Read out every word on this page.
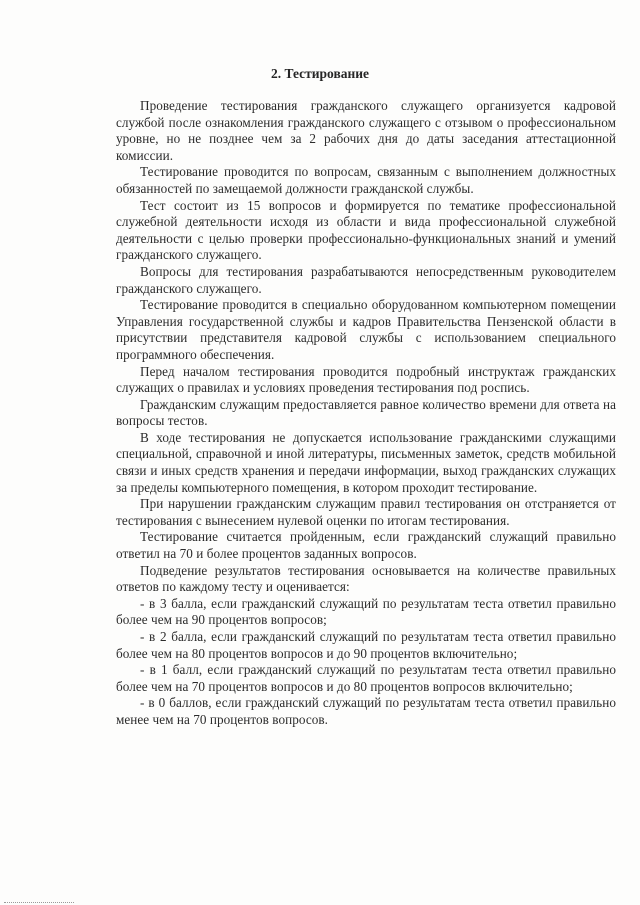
2. Тестирование

Проведение тестирования гражданского служащего организуется кадровой службой после ознакомления гражданского служащего с отзывом о профессиональном уровне, но не позднее чем за 2 рабочих дня до даты заседания аттестационной комиссии.

Тестирование проводится по вопросам, связанным с выполнением должностных обязанностей по замещаемой должности гражданской службы.

Тест состоит из 15 вопросов и формируется по тематике профессиональной служебной деятельности исходя из области и вида профессиональной служебной деятельности с целью проверки профессионально-функциональных знаний и умений гражданского служащего.

Вопросы для тестирования разрабатываются непосредственным руководителем гражданского служащего.

Тестирование проводится в специально оборудованном компьютерном помещении Управления государственной службы и кадров Правительства Пензенской области в присутствии представителя кадровой службы с использованием специального программного обеспечения.

Перед началом тестирования проводится подробный инструктаж гражданских служащих о правилах и условиях проведения тестирования под роспись.

Гражданским служащим предоставляется равное количество времени для ответа на вопросы тестов.

В ходе тестирования не допускается использование гражданскими служащими специальной, справочной и иной литературы, письменных заметок, средств мобильной связи и иных средств хранения и передачи информации, выход гражданских служащих за пределы компьютерного помещения, в котором проходит тестирование.

При нарушении гражданским служащим правил тестирования он отстраняется от тестирования с вынесением нулевой оценки по итогам тестирования.

Тестирование считается пройденным, если гражданский служащий правильно ответил на 70 и более процентов заданных вопросов.

Подведение результатов тестирования основывается на количестве правильных ответов по каждому тесту и оценивается:

- в 3 балла, если гражданский служащий по результатам теста ответил правильно более чем на 90 процентов вопросов;

- в 2 балла, если гражданский служащий по результатам теста ответил правильно более чем на 80 процентов вопросов и до 90 процентов включительно;

- в 1 балл, если гражданский служащий по результатам теста ответил правильно более чем на 70 процентов вопросов и до 80 процентов вопросов включительно;

- в 0 баллов, если гражданский служащий по результатам теста ответил правильно менее чем на 70 процентов вопросов.
